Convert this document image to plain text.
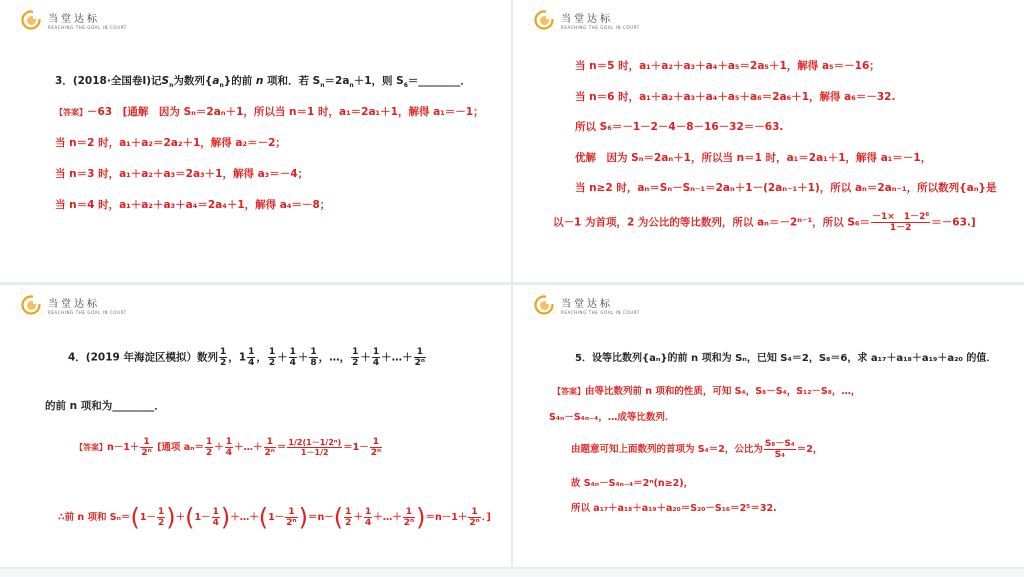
当堂达标
REACHING THE GOAL IN COURT
3．(2018·全国卷Ⅰ)记$S_n$为数列$\{a_n\}$的前 n 项和．若 $S_n=2a_n+1$，则 $S_6=\_\_\_\_\_\_\_\_$．
【答案】－63　[通解　因为 Sₙ＝2aₙ＋1，所以当 n＝1 时，a₁＝2a₁＋1，解得 a₁＝－1；
当 n＝2 时，a₁＋a₂＝2a₂＋1，解得 a₂＝－2；
当 n＝3 时，a₁＋a₂＋a₃＝2a₃＋1，解得 a₃＝－4；
当 n＝4 时，a₁＋a₂＋a₃＋a₄＝2a₄＋1，解得 a₄＝－8；
当堂达标
REACHING THE GOAL IN COURT
当 n＝5 时，a₁＋a₂＋a₃＋a₄＋a₅＝2a₅＋1，解得 a₅＝－16；
当 n＝6 时，a₁＋a₂＋a₃＋a₄＋a₅＋a₆＝2a₆＋1，解得 a₆＝－32.
所以 S₆＝－1－2－4－8－16－32＝－63.
优解　因为 Sₙ＝2aₙ＋1，所以当 n＝1 时，a₁＝2a₁＋1，解得 a₁＝－1，
当 n≥2 时，aₙ＝Sₙ－Sₙ₋₁＝2aₙ＋1－(2aₙ₋₁＋1)，所以 aₙ＝2aₙ₋₁，所以数列{aₙ}是
以－1 为首项，2 为公比的等比数列，所以 aₙ＝－2ⁿ⁻¹，所以 $S_6= \frac{\text{－1×　1－2⁶}}{1-2} =-63$.]
当堂达标
REACHING THE GOAL IN COURT
4．(2019 年海淀区模拟）数列 $\frac{1}{2}$ ，$1 \frac{1}{4}$ ， $\frac{1}{2} + \frac{1}{4} + \frac{1}{8}$ ，…， $\frac{1}{2} + \frac{1}{4}$ ＋…＋ $\frac{1}{\text{2ⁿ}}$
的前 n 项和为________．
【答案】$n-1+ \frac{1}{\text{2ⁿ}}$ [通项 $a_n= \frac{1}{2} + \frac{1}{4}$ ＋…＋ $\frac{1}{\text{2ⁿ}} = \frac{\text{1/2(1－1/2ⁿ)}}{1-1/2} =1- \frac{1}{\text{2ⁿ}}$
∴前 n 项和 $S_n=(1- \frac{1}{2} )+(1- \frac{1}{4}$ )＋…＋(1－ $\frac{1}{\text{2ⁿ}} )=n-( \frac{1}{2} + \frac{1}{4}$ ＋…＋ $\frac{1}{\text{2ⁿ}} )=n-1+ \frac{1}{\text{2ⁿ}}$ ．]
当堂达标
REACHING THE GOAL IN COURT
5．设等比数列{aₙ}的前 n 项和为 Sₙ，已知 S₄＝2，S₈＝6，求 a₁₇＋a₁₈＋a₁₉＋a₂₀ 的值．
【答案】由等比数列前 n 项和的性质，可知 S₄，S₈－S₄，S₁₂－S₈，…，
S₄ₙ－S₄ₙ₋₄，…成等比数列．
由题意可知上面数列的首项为 S₄＝2，公比为 $\frac{\text{S₈－S₄}}{\text{S₄}} =2$，
故 S₄ₙ－S₄ₙ₋₄＝2ⁿ(n≥2)，
所以 a₁₇＋a₁₈＋a₁₉＋a₂₀＝S₂₀－S₁₆＝2⁵＝32.
